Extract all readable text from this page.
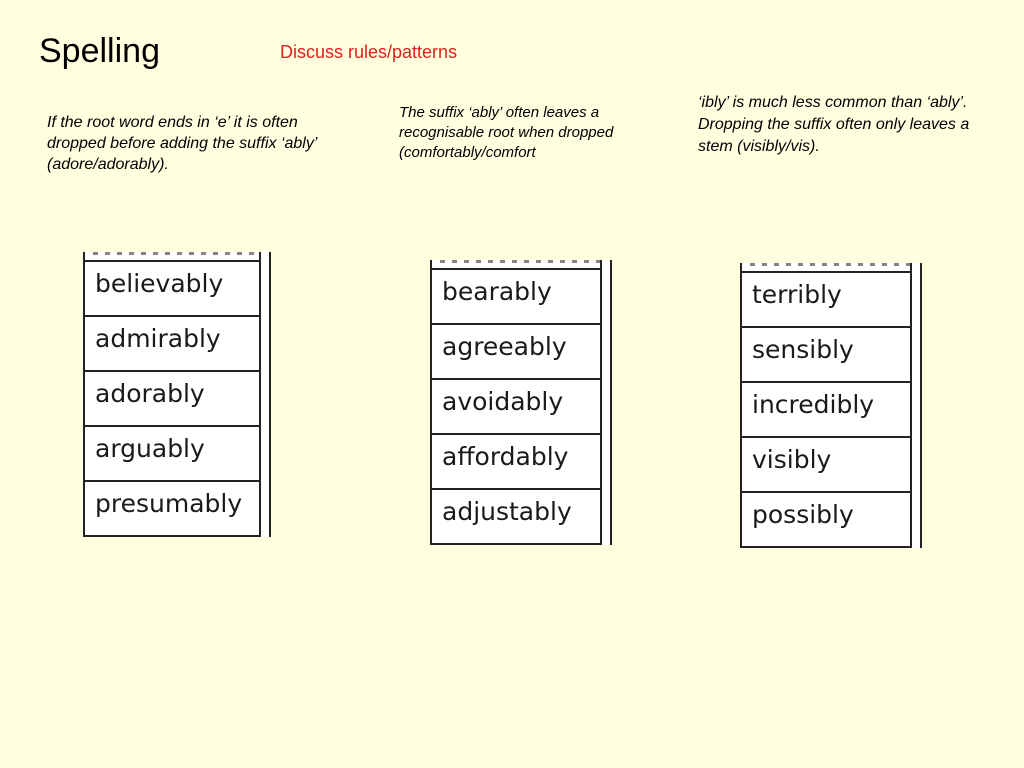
Spelling	Discuss rules/patterns
If the root word ends in ‘e’ it is often dropped before adding the suffix ‘ably’ (adore/adorably).
The suffix ‘ably’ often leaves a recognisable root when dropped (comfortably/comfort
‘ibly’ is much less common than ‘ably’. Dropping the suffix often only leaves a stem (visibly/vis).
believably
admirably
adorably
arguably
presumably
bearably
agreeably
avoidably
affordably
adjustably
terribly
sensibly
incredibly
visibly
possibly
